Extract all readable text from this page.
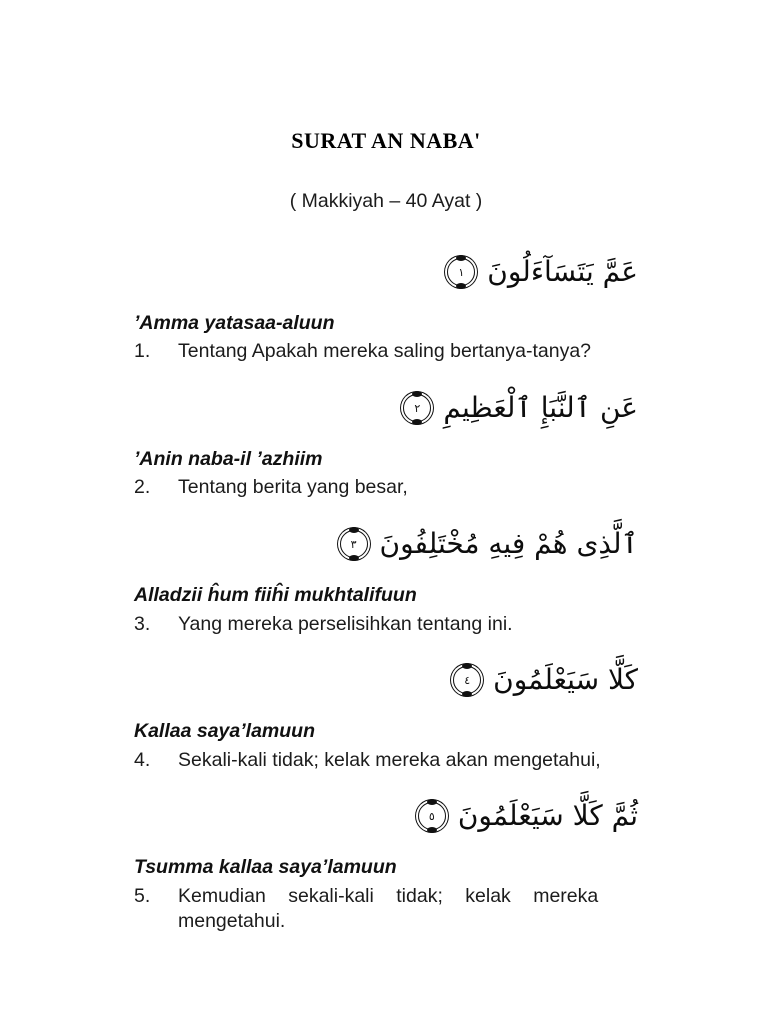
SURAT AN NABA'

( Makkiyah – 40 Ayat )

عَمَّ يَتَسَآءَلُونَ
١

’Amma yatasaa-aluun

1.	Tentang Apakah mereka saling bertanya-tanya?
عَنِ ٱلنَّبَإِ ٱلْعَظِيمِ
٢

’Anin naba-il ’azhiim

2.	Tentang berita yang besar,
ٱلَّذِى هُمْ فِيهِ مُخْتَلِفُونَ
٣

Alladzii ĥum fiiĥi mukhtalifuun

3.	Yang mereka perselisihkan tentang ini.
كَلَّا سَيَعْلَمُونَ
٤

Kallaa saya’lamuun

4.	Sekali-kali tidak; kelak mereka akan mengetahui,
ثُمَّ كَلَّا سَيَعْلَمُونَ
٥

Tsumma kallaa saya’lamuun

5.	Kemudian sekali-kali tidak; kelak mereka
mengetahui.
